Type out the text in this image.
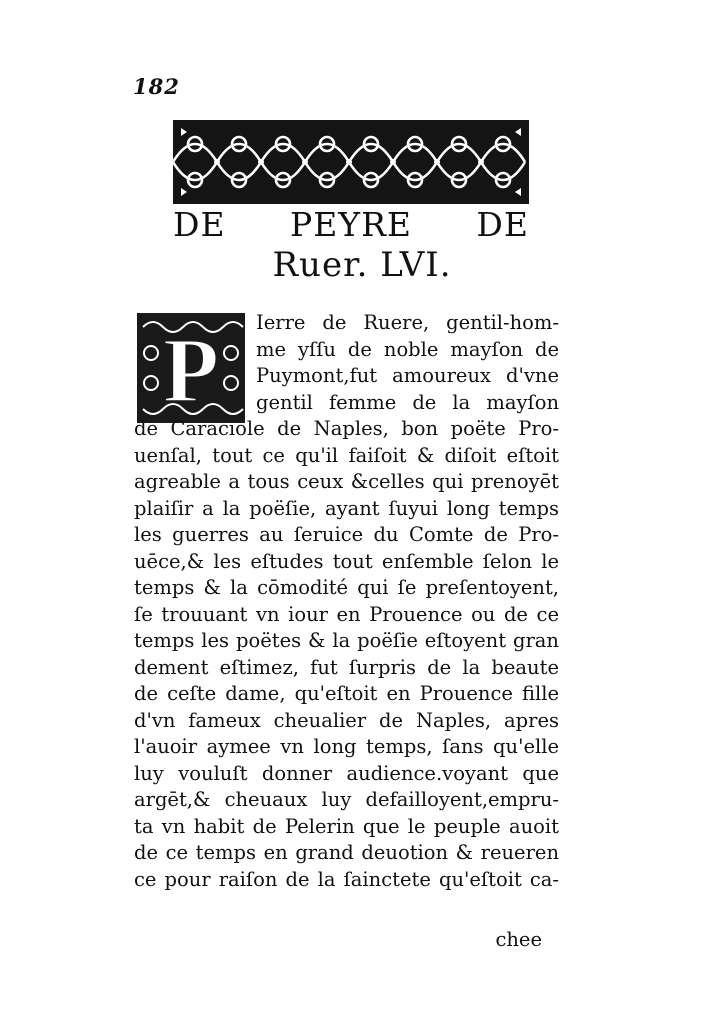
182
DE PEYRE DE
Ruer. LVI.
P	Ierre de Ruere, gentil-hom-
me yſſu de noble mayſon de
Puymont,fut amoureux d'vne
gentil femme de la mayſon
de Caraciole de Naples, bon poëte Pro-
uenſal, tout ce qu'il faiſoit & diſoit eſtoit
agreable a tous ceux &celles qui prenoyēt
plaiſir a la poëſie, ayant ſuyui long temps
les guerres au ſeruice du Comte de Pro-
uēce,& les eſtudes tout enſemble ſelon le
temps & la cōmodité qui ſe preſentoyent,
ſe trouuant vn iour en Prouence ou de ce
temps les poëtes & la poëſie eſtoyent gran
dement eſtimez, fut ſurpris de la beaute
de ceſte dame, qu'eſtoit en Prouence fille
d'vn fameux cheualier de Naples, apres
l'auoir aymee vn long temps, ſans qu'elle
luy vouluſt donner audience.voyant que
argēt,& cheuaux luy defailloyent,empru-
ta vn habit de Pelerin que le peuple auoit
de ce temps en grand deuotion & reueren
ce pour raiſon de la ſainctete qu'eſtoit ca-
chee
